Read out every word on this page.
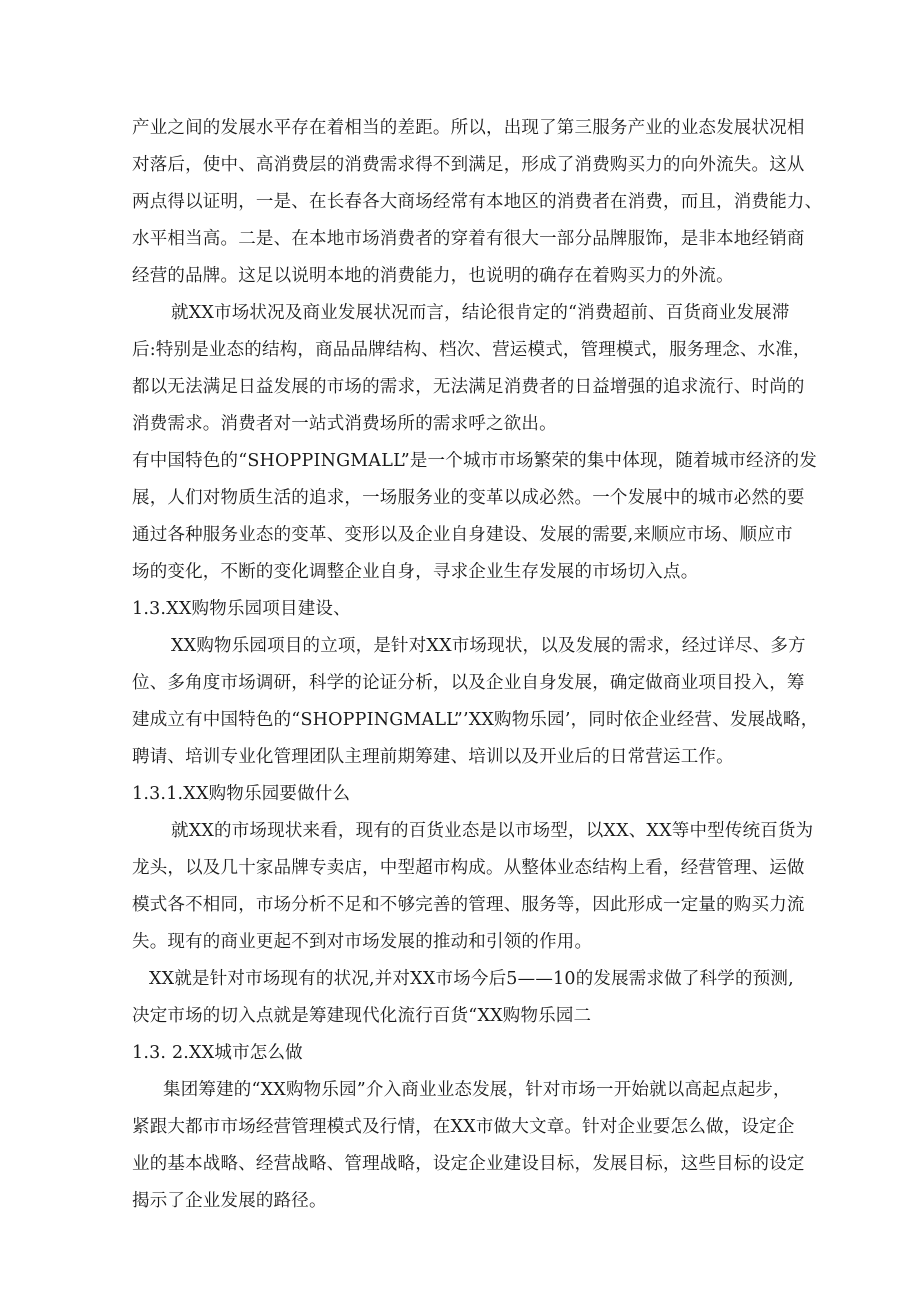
产业之间的发展水平存在着相当的差距。所以，出现了第三服务产业的业态发展状况相
对落后，使中、高消费层的消费需求得不到满足，形成了消费购买力的向外流失。这从
两点得以证明，一是、在长春各大商场经常有本地区的消费者在消费，而且，消费能力、
水平相当高。二是、在本地市场消费者的穿着有很大一部分品牌服饰，是非本地经销商
经营的品牌。这足以说明本地的消费能力，也说明的确存在着购买力的外流。
就XX市场状况及商业发展状况而言，结论很肯定的“消费超前、百货商业发展滞
后:特别是业态的结构，商品品牌结构、档次、营运模式，管理模式，服务理念、水准，
都以无法满足日益发展的市场的需求，无法满足消费者的日益增强的追求流行、时尚的
消费需求。消费者对一站式消费场所的需求呼之欲出。
有中国特色的“SHOPPINGMALL”是一个城市市场繁荣的集中体现，随着城市经济的发
展，人们对物质生活的追求，一场服务业的变革以成必然。一个发展中的城市必然的要
通过各种服务业态的变革、变形以及企业自身建设、发展的需要,来顺应市场、顺应市
场的变化，不断的变化调整企业自身，寻求企业生存发展的市场切入点。
1.3.XX购物乐园项目建设、
XX购物乐园项目的立项，是针对XX市场现状，以及发展的需求，经过详尽、多方
位、多角度市场调研，科学的论证分析，以及企业自身发展，确定做商业项目投入，筹
建成立有中国特色的“SHOPPINGMALL”’XX购物乐园’，同时依企业经营、发展战略，
聘请、培训专业化管理团队主理前期筹建、培训以及开业后的日常营运工作。
1.3.1.XX购物乐园要做什么
就XX的市场现状来看，现有的百货业态是以市场型，以XX、XX等中型传统百货为
龙头，以及几十家品牌专卖店，中型超市构成。从整体业态结构上看，经营管理、运做
模式各不相同，市场分析不足和不够完善的管理、服务等，因此形成一定量的购买力流
失。现有的商业更起不到对市场发展的推动和引领的作用。
XX就是针对市场现有的状况,并对XX市场今后5——10的发展需求做了科学的预测,
决定市场的切入点就是筹建现代化流行百货“XX购物乐园二
1.3. 2.XX城市怎么做
集团筹建的“XX购物乐园”介入商业业态发展，针对市场一开始就以高起点起步，
紧跟大都市市场经营管理模式及行情，在XX市做大文章。针对企业要怎么做，设定企
业的基本战略、经营战略、管理战略，设定企业建设目标，发展目标，这些目标的设定
揭示了企业发展的路径。
